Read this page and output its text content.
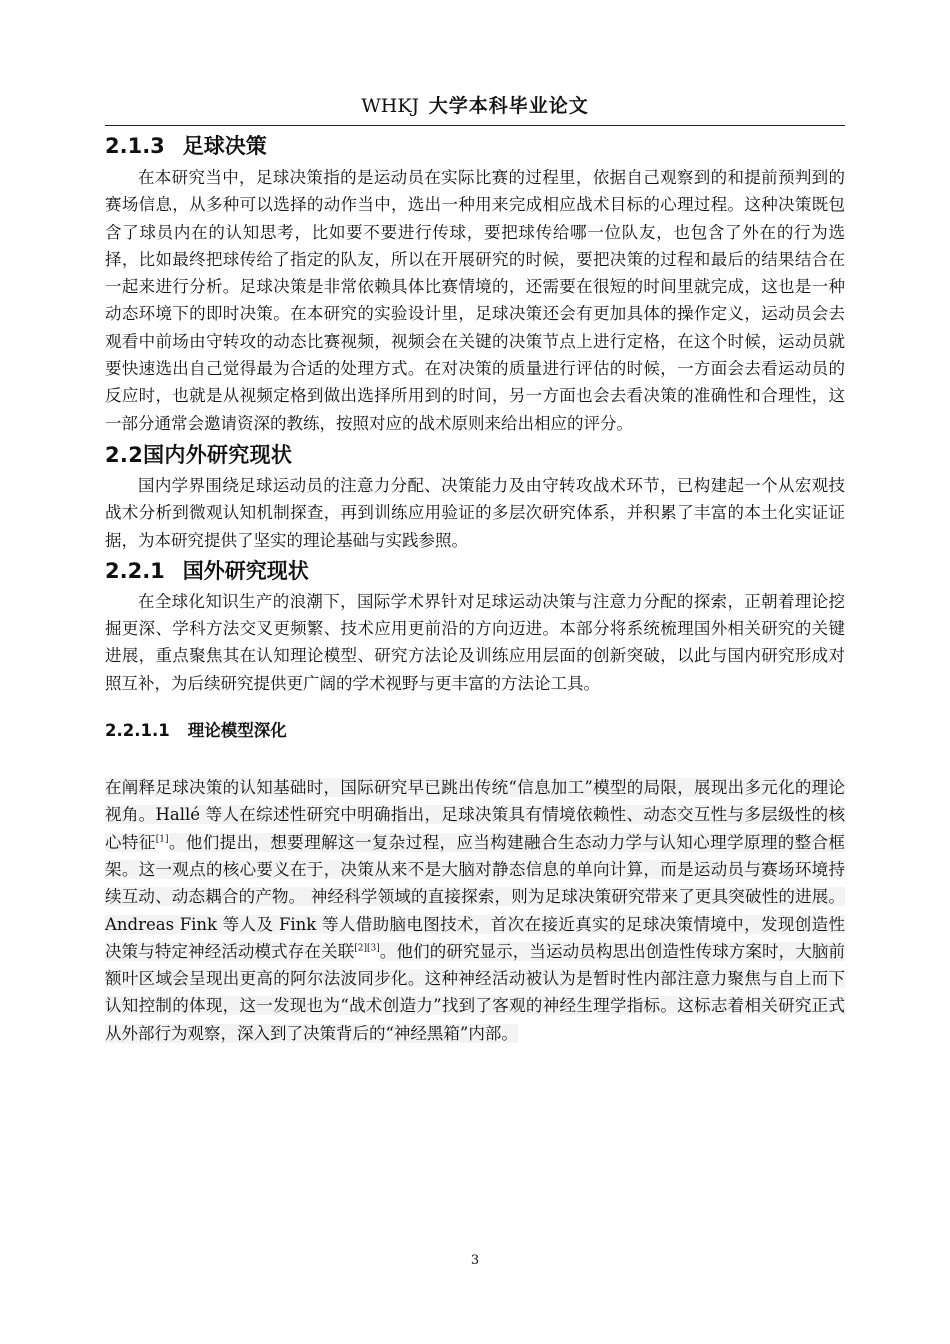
WHKJ 大学本科毕业论文
2.1.3 足球决策

在本研究当中，足球决策指的是运动员在实际比赛的过程里，依据自己观察到的和提前预判到的赛场信息，从多种可以选择的动作当中，选出一种用来完成相应战术目标的心理过程。这种决策既包含了球员内在的认知思考，比如要不要进行传球，要把球传给哪一位队友，也包含了外在的行为选择，比如最终把球传给了指定的队友，所以在开展研究的时候，要把决策的过程和最后的结果结合在一起来进行分析。足球决策是非常依赖具体比赛情境的，还需要在很短的时间里就完成，这也是一种动态环境下的即时决策。在本研究的实验设计里，足球决策还会有更加具体的操作定义，运动员会去观看中前场由守转攻的动态比赛视频，视频会在关键的决策节点上进行定格，在这个时候，运动员就要快速选出自己觉得最为合适的处理方式。在对决策的质量进行评估的时候，一方面会去看运动员的反应时，也就是从视频定格到做出选择所用到的时间，另一方面也会去看决策的准确性和合理性，这一部分通常会邀请资深的教练，按照对应的战术原则来给出相应的评分。

2.2国内外研究现状

国内学界围绕足球运动员的注意力分配、决策能力及由守转攻战术环节，已构建起一个从宏观技战术分析到微观认知机制探查，再到训练应用验证的多层次研究体系，并积累了丰富的本土化实证证据，为本研究提供了坚实的理论基础与实践参照。

2.2.1 国外研究现状

在全球化知识生产的浪潮下，国际学术界针对足球运动决策与注意力分配的探索，正朝着理论挖掘更深、学科方法交叉更频繁、技术应用更前沿的方向迈进。本部分将系统梳理国外相关研究的关键进展，重点聚焦其在认知理论模型、研究方法论及训练应用层面的创新突破，以此与国内研究形成对照互补，为后续研究提供更广阔的学术视野与更丰富的方法论工具。

2.2.1.1 理论模型深化

在阐释足球决策的认知基础时，国际研究早已跳出传统“信息加工”模型的局限，展现出多元化的理论视角。Hallé 等人在综述性研究中明确指出，足球决策具有情境依赖性、动态交互性与多层级性的核心特征[1]。他们提出，想要理解这一复杂过程，应当构建融合生态动力学与认知心理学原理的整合框架。这一观点的核心要义在于，决策从来不是大脑对静态信息的单向计算，而是运动员与赛场环境持续互动、动态耦合的产物。 神经科学领域的直接探索，则为足球决策研究带来了更具突破性的进展。Andreas Fink 等人及 Fink 等人借助脑电图技术，首次在接近真实的足球决策情境中，发现创造性决策与特定神经活动模式存在关联[2][3]。他们的研究显示，当运动员构思出创造性传球方案时，大脑前额叶区域会呈现出更高的阿尔法波同步化。这种神经活动被认为是暂时性内部注意力聚焦与自上而下认知控制的体现，这一发现也为“战术创造力”找到了客观的神经生理学指标。这标志着相关研究正式从外部行为观察，深入到了决策背后的“神经黑箱”内部。

3
